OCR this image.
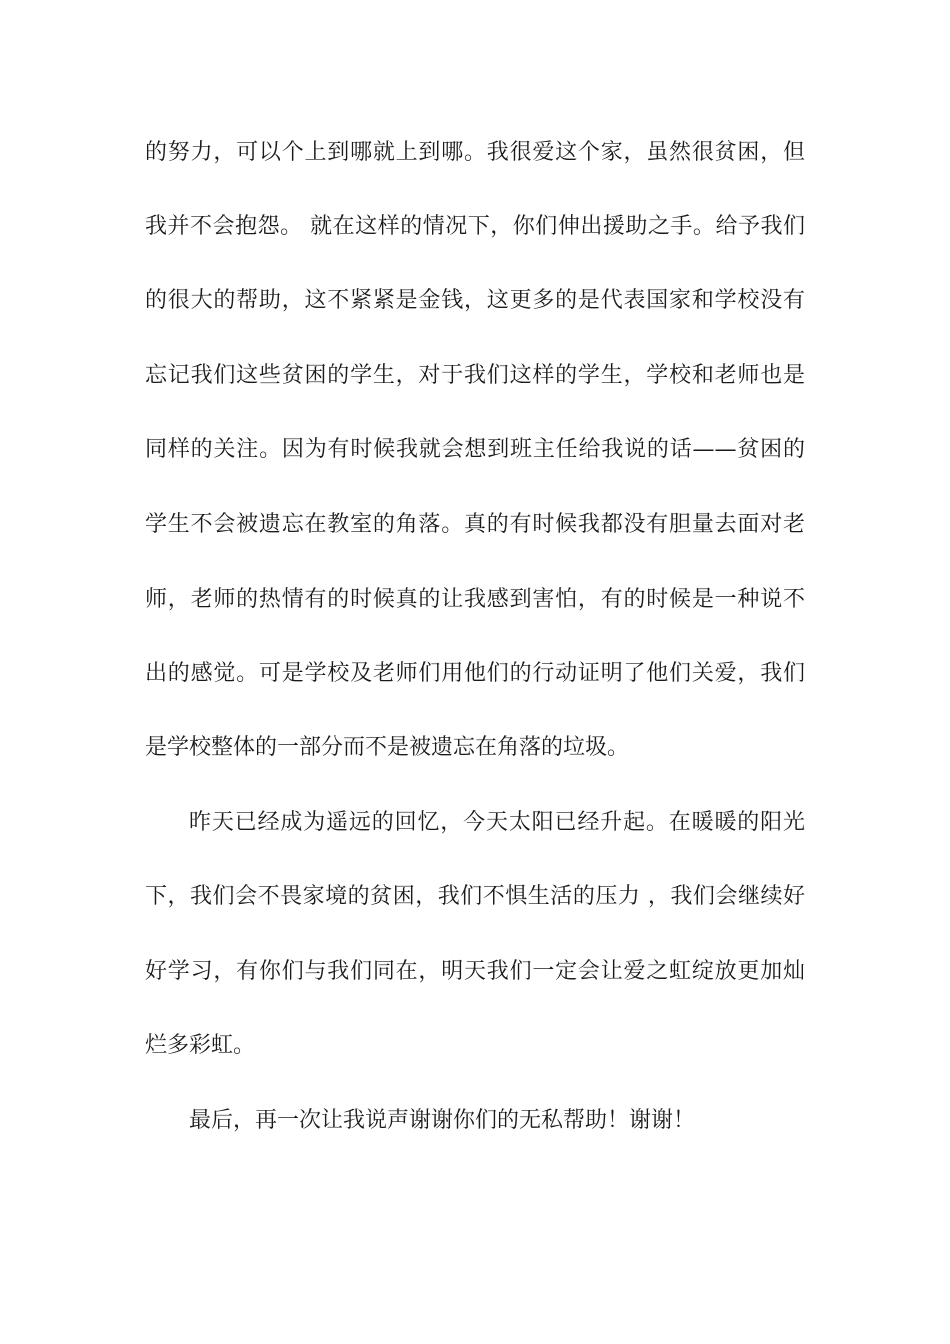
的努力，可以个上到哪就上到哪。我很爱这个家，虽然很贫困，但
我并不会抱怨。 就在这样的情况下，你们伸出援助之手。给予我们
的很大的帮助，这不紧紧是金钱，这更多的是代表国家和学校没有
忘记我们这些贫困的学生，对于我们这样的学生，学校和老师也是
同样的关注。因为有时候我就会想到班主任给我说的话——贫困的
学生不会被遗忘在教室的角落。真的有时候我都没有胆量去面对老
师，老师的热情有的时候真的让我感到害怕，有的时候是一种说不
出的感觉。可是学校及老师们用他们的行动证明了他们关爱，我们
是学校整体的一部分而不是被遗忘在角落的垃圾。
昨天已经成为遥远的回忆，今天太阳已经升起。在暖暖的阳光
下，我们会不畏家境的贫困，我们不惧生活的压力 ，我们会继续好
好学习，有你们与我们同在，明天我们一定会让爱之虹绽放更加灿
烂多彩虹。
最后，再一次让我说声谢谢你们的无私帮助！谢谢！
